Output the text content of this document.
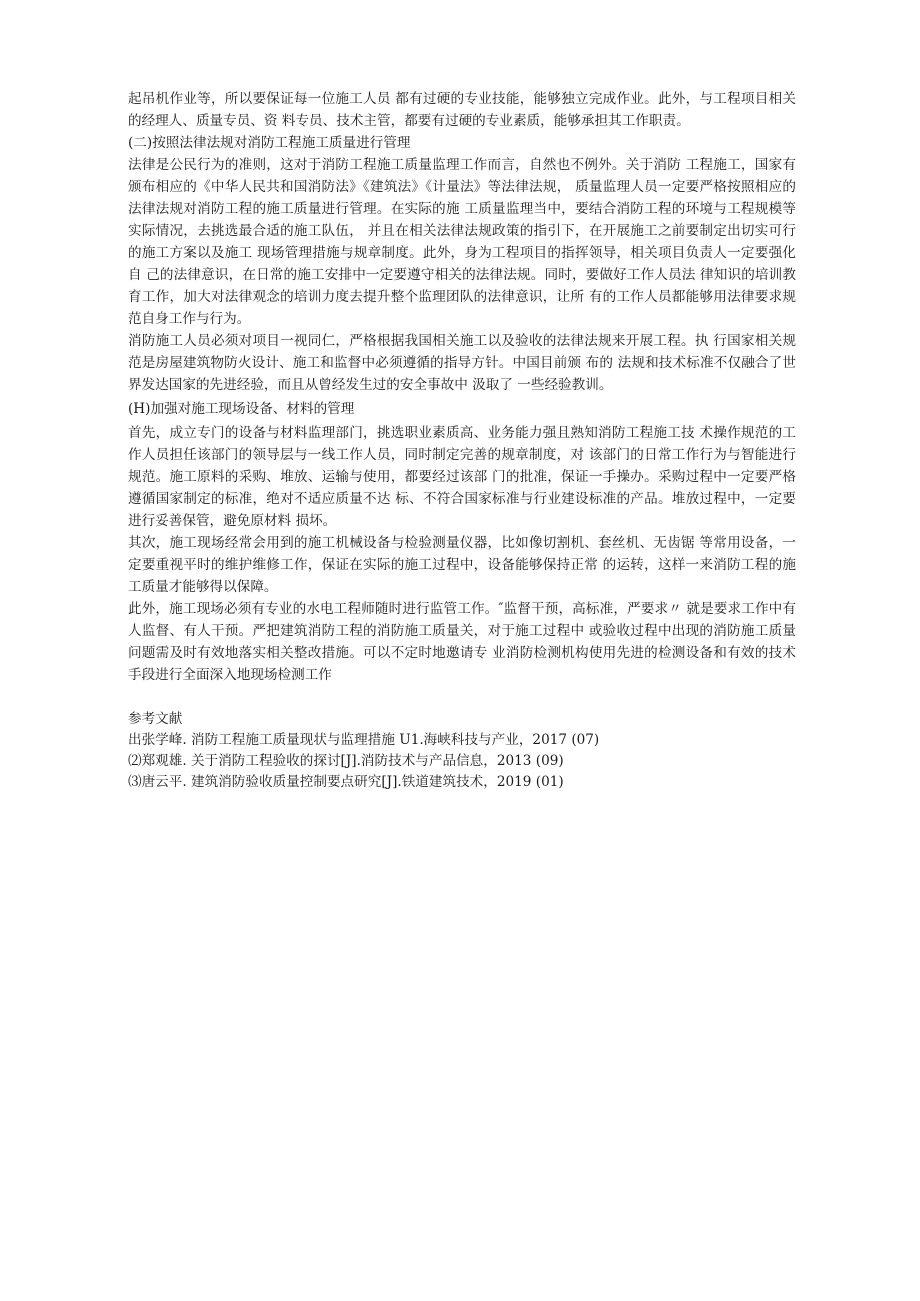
起吊机作业等，所以要保证每一位施工人员 都有过硬的专业技能，能够独立完成作业。此外，与工程项目相关的经理人、质量专员、资 料专员、技术主管，都要有过硬的专业素质，能够承担其工作职责。

(二)按照法律法规对消防工程施工质量进行管理

法律是公民行为的准则，这对于消防工程施工质量监理工作而言，自然也不例外。关于消防 工程施工，国家有颁布相应的《中华人民共和国消防法》《建筑法》《计量法》等法律法规， 质量监理人员一定要严格按照相应的法律法规对消防工程的施工质量进行管理。在实际的施 工质量监理当中，要结合消防工程的环境与工程规模等实际情况，去挑选最合适的施工队伍， 并且在相关法律法规政策的指引下，在开展施工之前要制定出切实可行的施工方案以及施工 现场管理措施与规章制度。此外，身为工程项目的指挥领导，相关项目负责人一定要强化自 己的法律意识，在日常的施工安排中一定要遵守相关的法律法规。同时，要做好工作人员法 律知识的培训教育工作，加大对法律观念的培训力度去提升整个监理团队的法律意识，让所 有的工作人员都能够用法律要求规范自身工作与行为。

消防施工人员必须对项目一视同仁，严格根据我国相关施工以及验收的法律法规来开展工程。执 行国家相关规范是房屋建筑物防火设计、施工和监督中必须遵循的指导方针。中国目前颁 布的 法规和技术标准不仅融合了世界发达国家的先进经验，而且从曾经发生过的安全事故中 汲取了 一些经验教训。

(H)加强对施工现场设备、材料的管理

首先，成立专门的设备与材料监理部门，挑选职业素质高、业务能力强且熟知消防工程施工技 术操作规范的工作人员担任该部门的领导层与一线工作人员，同时制定完善的规章制度，对 该部门的日常工作行为与智能进行规范。施工原料的采购、堆放、运输与使用，都要经过该部 门的批准，保证一手操办。采购过程中一定要严格遵循国家制定的标准，绝对不适应质量不达 标、不符合国家标准与行业建设标准的产品。堆放过程中，一定要进行妥善保管，避免原材料 损坏。

其次，施工现场经常会用到的施工机械设备与检验测量仪器，比如像切割机、套丝机、无齿锯 等常用设备，一定要重视平时的维护维修工作，保证在实际的施工过程中，设备能够保持正常 的运转，这样一来消防工程的施工质量才能够得以保障。

此外，施工现场必须有专业的水电工程师随时进行监管工作。″监督干预，高标准，严要求〃 就是要求工作中有人监督、有人干预。严把建筑消防工程的消防施工质量关，对于施工过程中 或验收过程中出现的消防施工质量问题需及时有效地落实相关整改措施。可以不定时地邀请专 业消防检测机构使用先进的检测设备和有效的技术手段进行全面深入地现场检测工作

参考文献

出张学峰. 消防工程施工质量现状与监理措施 U1.海峡科技与产业，2017 (07)

⑵郑观雄. 关于消防工程验收的探讨[J].消防技术与产品信息，2013 (09)

⑶唐云平. 建筑消防验收质量控制要点研究[J].铁道建筑技术，2019 (01)
